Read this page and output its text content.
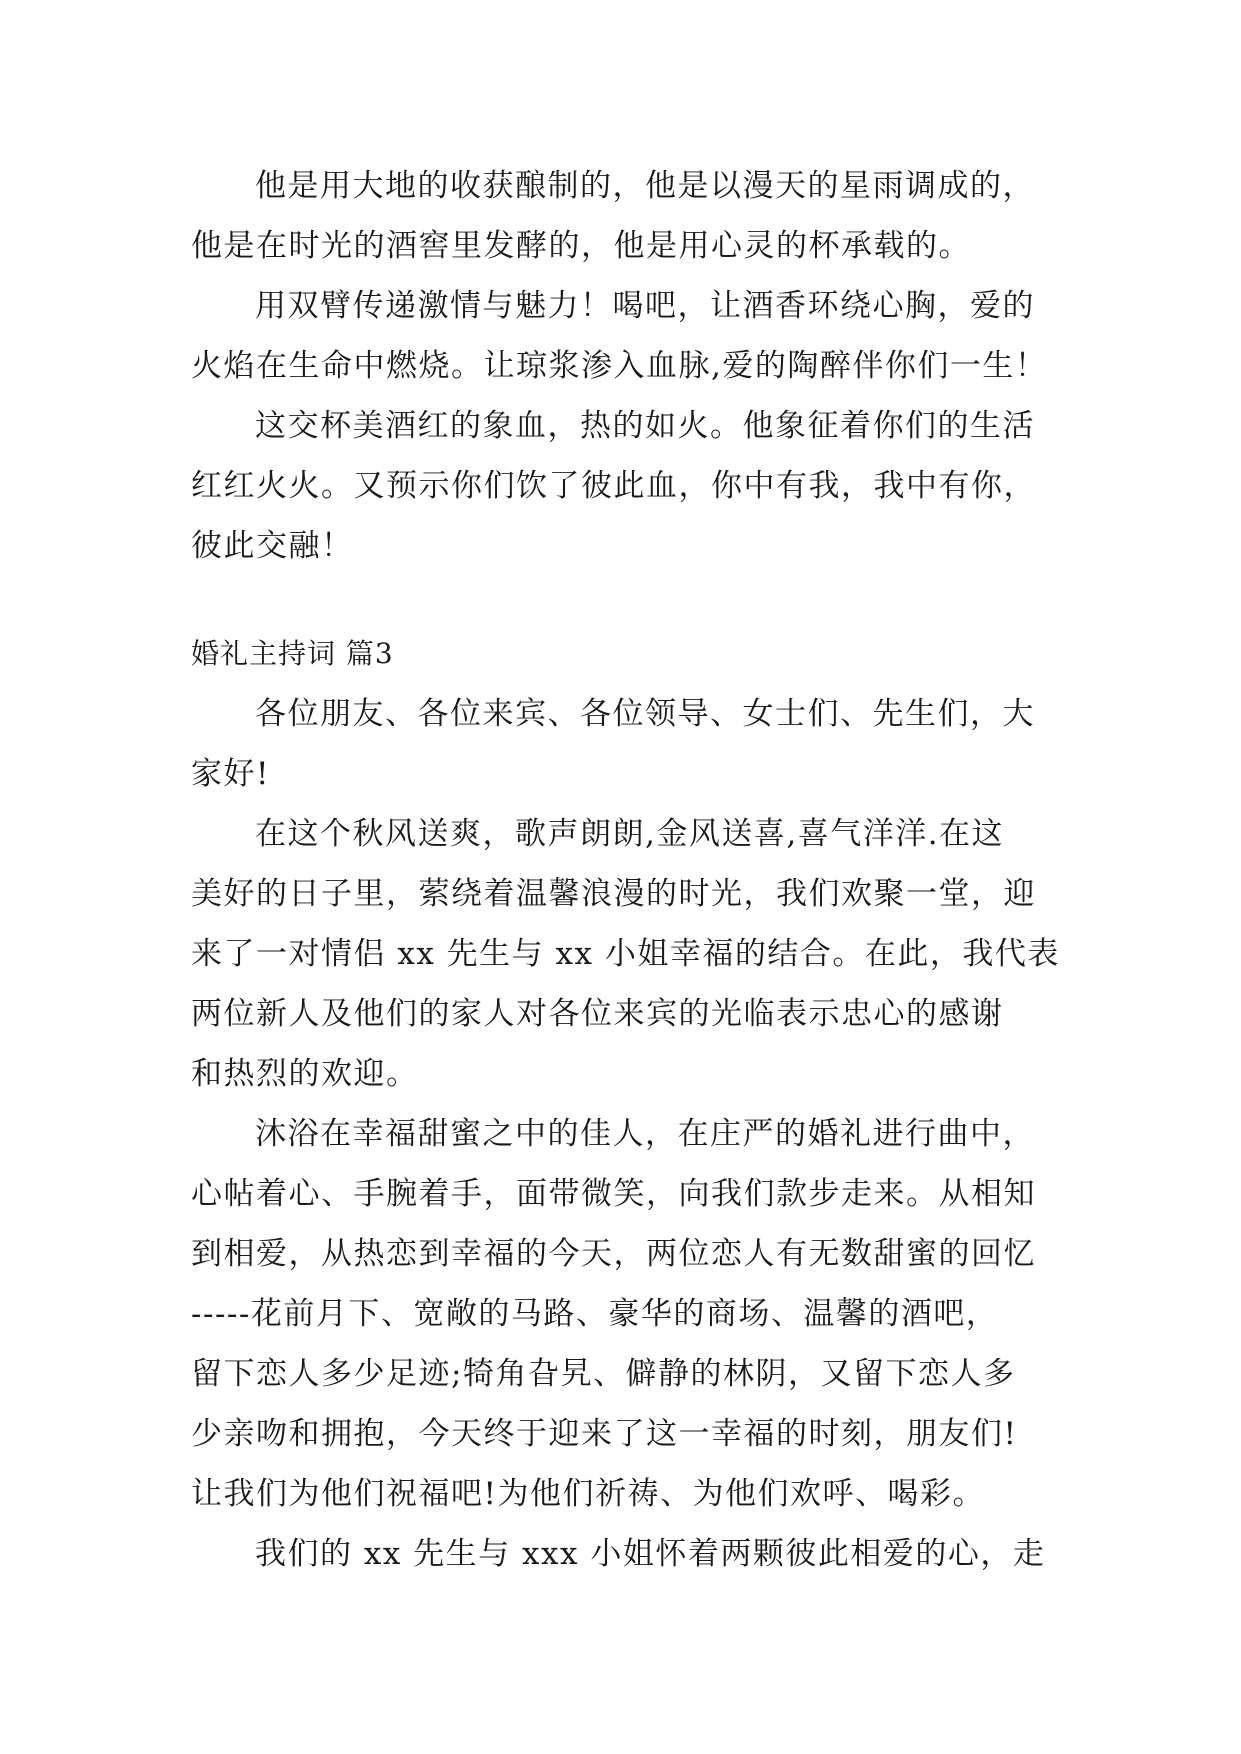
他是用大地的收获酿制的，他是以漫天的星雨调成的，
他是在时光的酒窖里发酵的，他是用心灵的杯承载的。
用双臂传递激情与魅力！喝吧，让酒香环绕心胸，爱的
火焰在生命中燃烧。让琼浆渗入血脉,爱的陶醉伴你们一生！
这交杯美酒红的象血，热的如火。他象征着你们的生活
红红火火。又预示你们饮了彼此血，你中有我，我中有你，
彼此交融！
婚礼主持词 篇3
各位朋友、各位来宾、各位领导、女士们、先生们，大
家好!
在这个秋风送爽，歌声朗朗,金风送喜,喜气洋洋.在这
美好的日子里，萦绕着温馨浪漫的时光，我们欢聚一堂，迎
来了一对情侣 xx 先生与 xx 小姐幸福的结合。在此，我代表
两位新人及他们的家人对各位来宾的光临表示忠心的感谢
和热烈的欢迎。
沐浴在幸福甜蜜之中的佳人，在庄严的婚礼进行曲中，
心帖着心、手腕着手，面带微笑，向我们款步走来。从相知
到相爱，从热恋到幸福的今天，两位恋人有无数甜蜜的回忆
-----花前月下、宽敞的马路、豪华的商场、温馨的酒吧，
留下恋人多少足迹;犄角旮旯、僻静的林阴，又留下恋人多
少亲吻和拥抱，今天终于迎来了这一幸福的时刻，朋友们!
让我们为他们祝福吧!为他们祈祷、为他们欢呼、喝彩。
我们的 xx 先生与 xxx 小姐怀着两颗彼此相爱的心，走
